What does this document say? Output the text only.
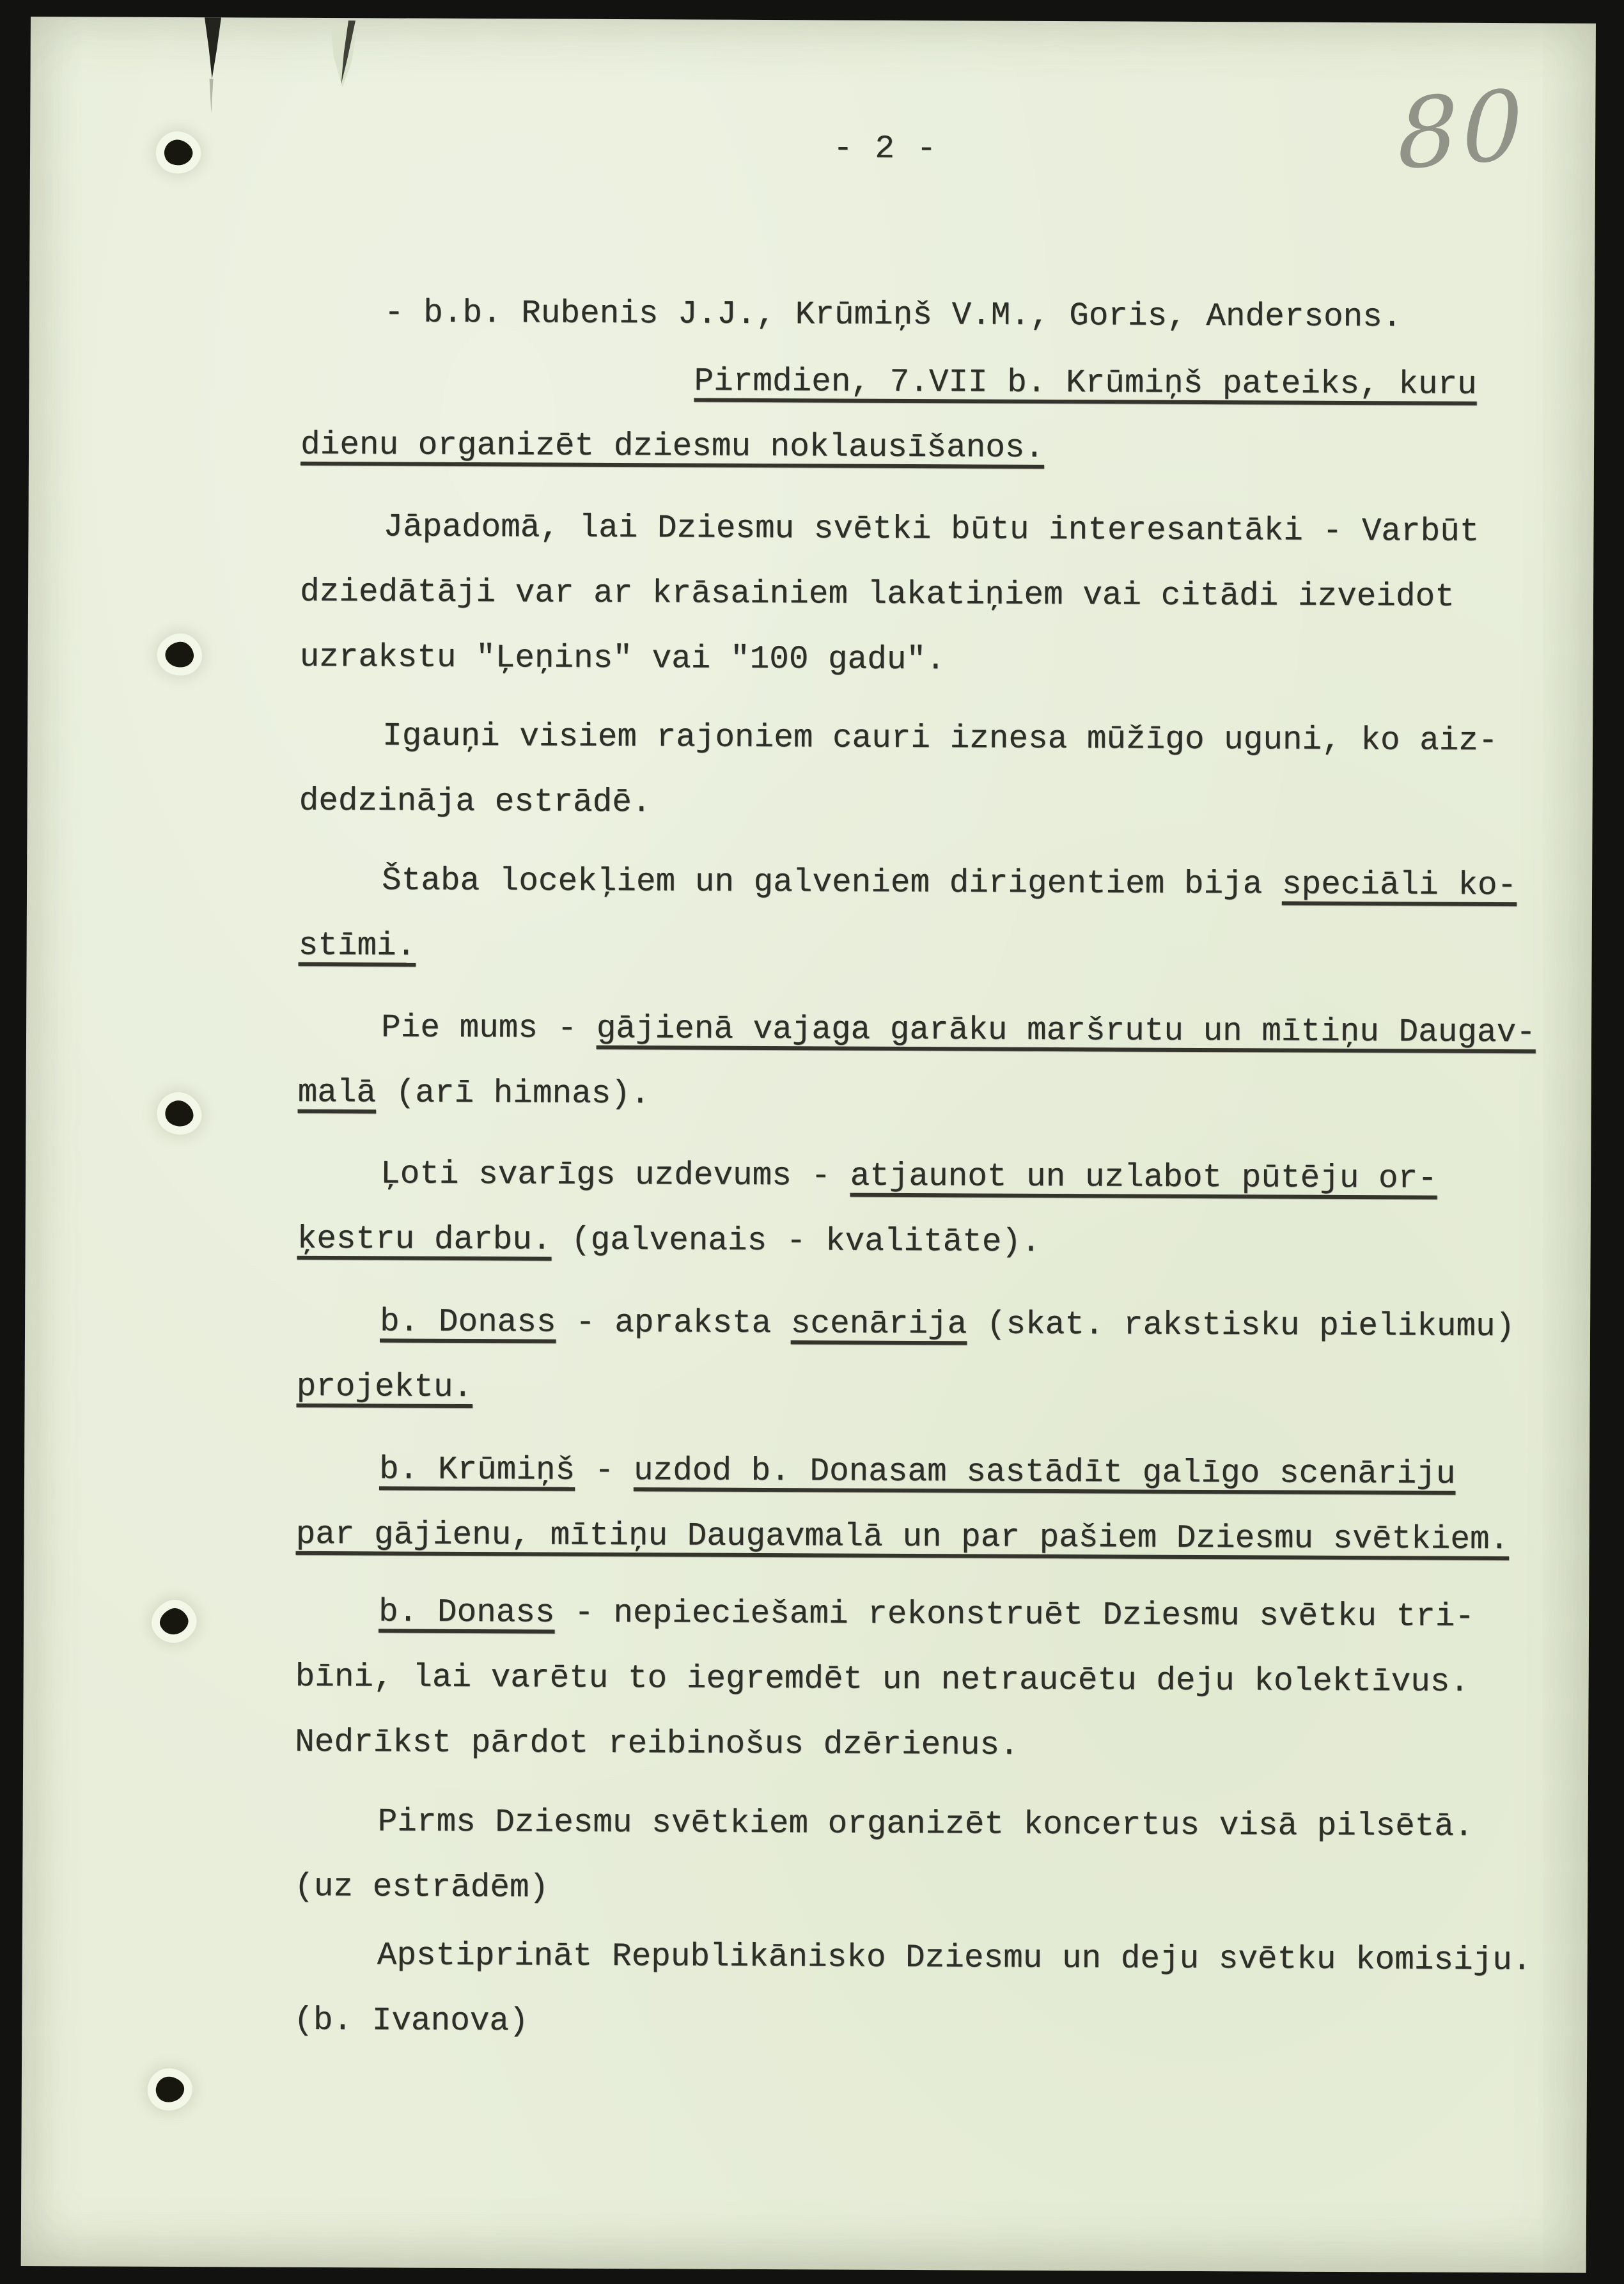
- 2 -	80
- b.b. Rubenis J.J., Krūmiņš V.M., Goris, Andersons.
Pirmdien, 7.VII b. Krūmiņš pateiks, kuru
dienu organizēt dziesmu noklausīšanos.
Jāpadomā, lai Dziesmu svētki būtu interesantāki - Varbūt
dziedātāji var ar krāsainiem lakatiņiem vai citādi izveidot
uzrakstu "Ļeņins" vai "100 gadu".
Igauņi visiem rajoniem cauri iznesa mūžīgo uguni, ko aiz-
dedzināja estrādē.
Štaba locekļiem un galveniem dirigentiem bija speciāli ko-
stīmi.
Pie mums - gājienā vajaga garāku maršrutu un mītiņu Daugav-
malā (arī himnas).
Ļoti svarīgs uzdevums - atjaunot un uzlabot pūtēju or-
ķestru darbu. (galvenais - kvalitāte).
b. Donass - apraksta scenārija (skat. rakstisku pielikumu)
projektu.
b. Krūmiņš - uzdod b. Donasam sastādīt galīgo scenāriju
par gājienu, mītiņu Daugavmalā un par pašiem Dziesmu svētkiem.
b. Donass - nepieciešami rekonstruēt Dziesmu svētku tri-
bīni, lai varētu to iegremdēt un netraucētu deju kolektīvus.
Nedrīkst pārdot reibinošus dzērienus.
Pirms Dziesmu svētkiem organizēt koncertus visā pilsētā.
(uz estrādēm)
Apstiprināt Republikānisko Dziesmu un deju svētku komisiju.
(b. Ivanova)
